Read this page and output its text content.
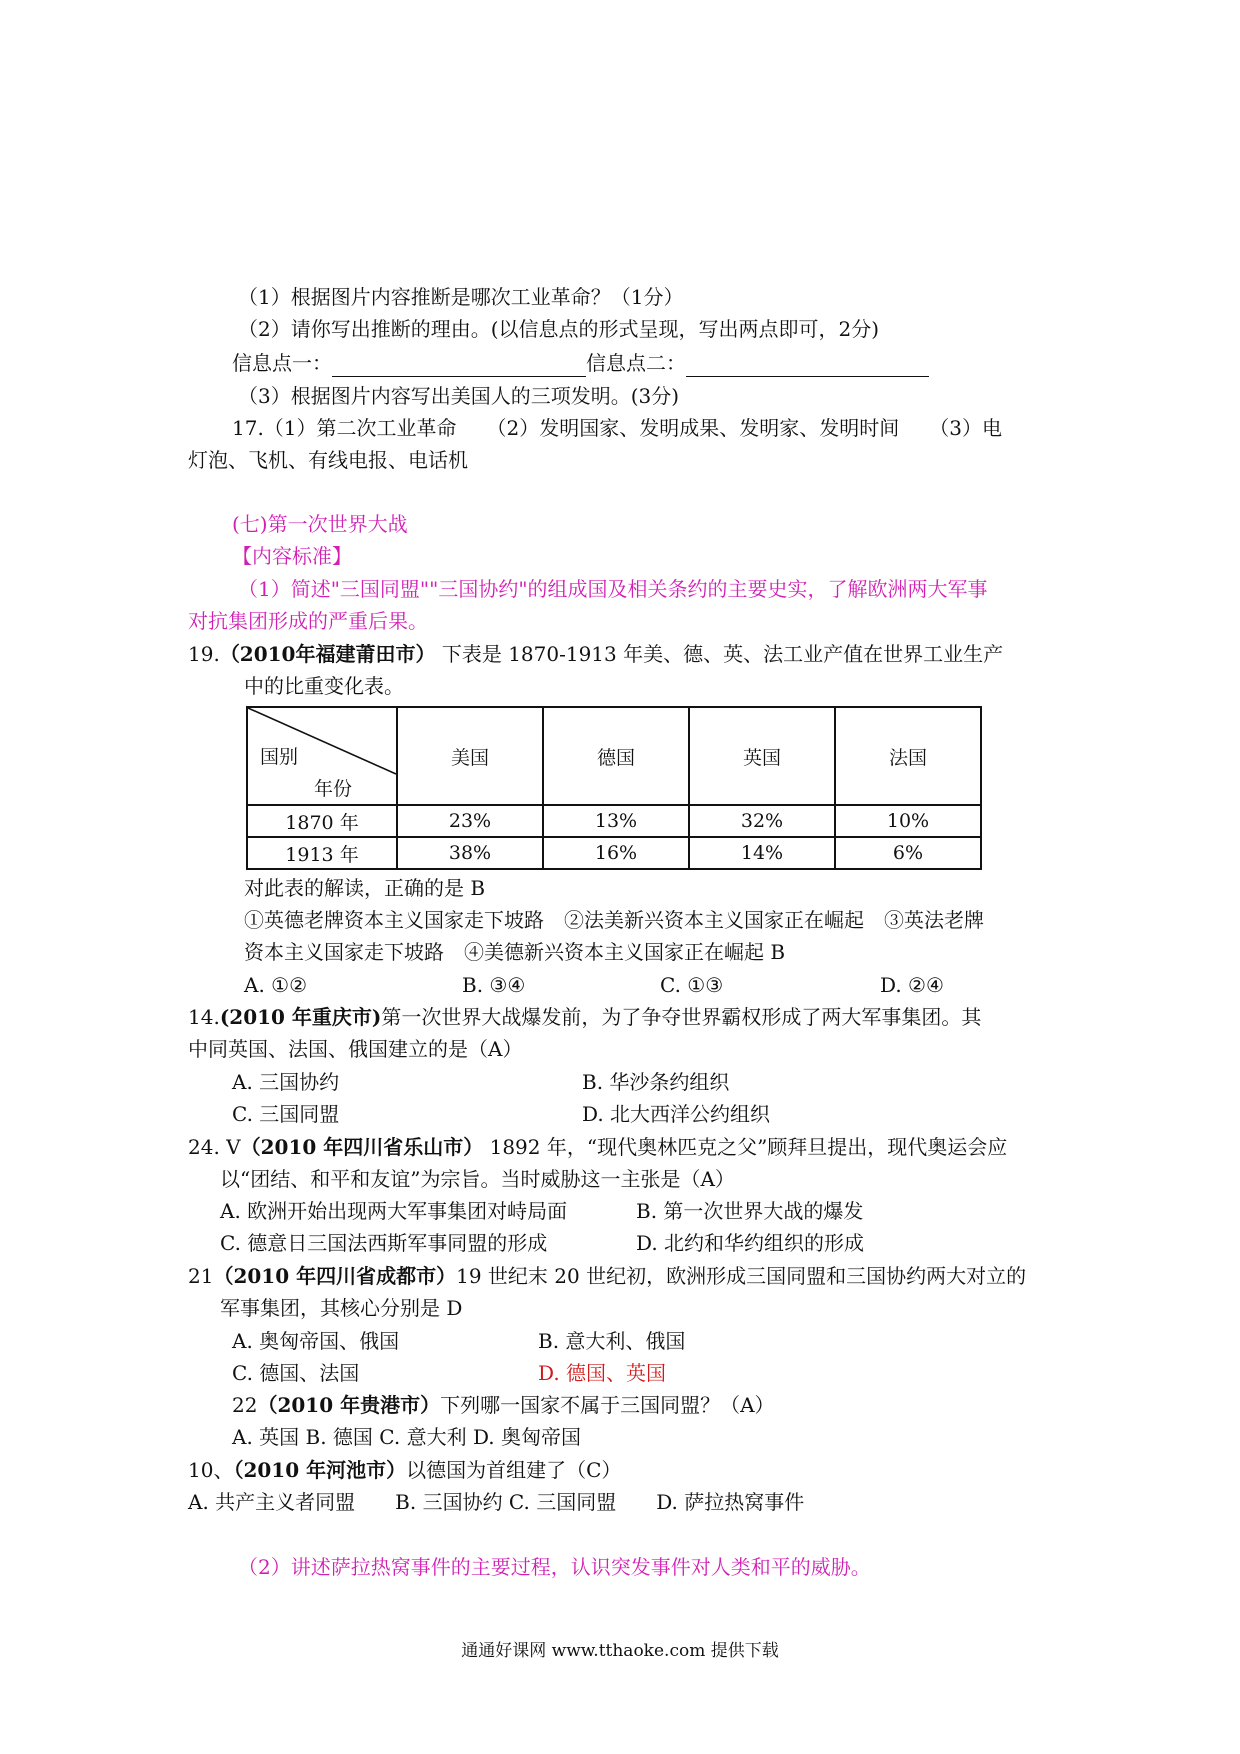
（1）根据图片内容推断是哪次工业革命？（1分）
（2）请你写出推断的理由。(以信息点的形式呈现，写出两点即可，2分)
信息点一：	信息点二：
（3）根据图片内容写出美国人的三项发明。(3分)
17.（1）第二次工业革命　　（2）发明国家、发明成果、发明家、发明时间　　（3）电
灯泡、飞机、有线电报、电话机
(七)第一次世界大战
【内容标准】
（1）简述"三国同盟""三国协约"的组成国及相关条约的主要史实，了解欧洲两大军事
对抗集团形成的严重后果。
19.（2010年福建莆田市） 下表是 1870-1913 年美、德、英、法工业产值在世界工业生产
中的比重变化表。
国别
年份	美国	德国	英国	法国
1870 年	23%	13%	32%	10%
1913 年	38%	16%	14%	6%
对此表的解读，正确的是 B
①英德老牌资本主义国家走下坡路　②法美新兴资本主义国家正在崛起　③英法老牌
资本主义国家走下坡路　④美德新兴资本主义国家正在崛起 B
A. ①②	B. ③④	C. ①③	D. ②④
14.(2010 年重庆市)第一次世界大战爆发前，为了争夺世界霸权形成了两大军事集团。其
中同英国、法国、俄国建立的是（A）
A. 三国协约	B. 华沙条约组织
C. 三国同盟	D. 北大西洋公约组织
24. V（2010 年四川省乐山市） 1892 年，“现代奥林匹克之父”顾拜旦提出，现代奥运会应
以“团结、和平和友谊”为宗旨。当时威胁这一主张是（A）
A. 欧洲开始出现两大军事集团对峙局面	B. 第一次世界大战的爆发
C. 德意日三国法西斯军事同盟的形成	D. 北约和华约组织的形成
21（2010 年四川省成都市）19 世纪末 20 世纪初，欧洲形成三国同盟和三国协约两大对立的
军事集团，其核心分别是 D
A. 奥匈帝国、俄国	B. 意大利、俄国
C. 德国、法国	D. 德国、英国
22（2010 年贵港市）下列哪一国家不属于三国同盟？（A）
A. 英国 B. 德国 C. 意大利 D. 奥匈帝国
10、（2010 年河池市）以德国为首组建了（C）
A. 共产主义者同盟　　B. 三国协约 C. 三国同盟　　D. 萨拉热窝事件
（2）讲述萨拉热窝事件的主要过程，认识突发事件对人类和平的威胁。
通通好课网 www.tthaoke.com 提供下载
